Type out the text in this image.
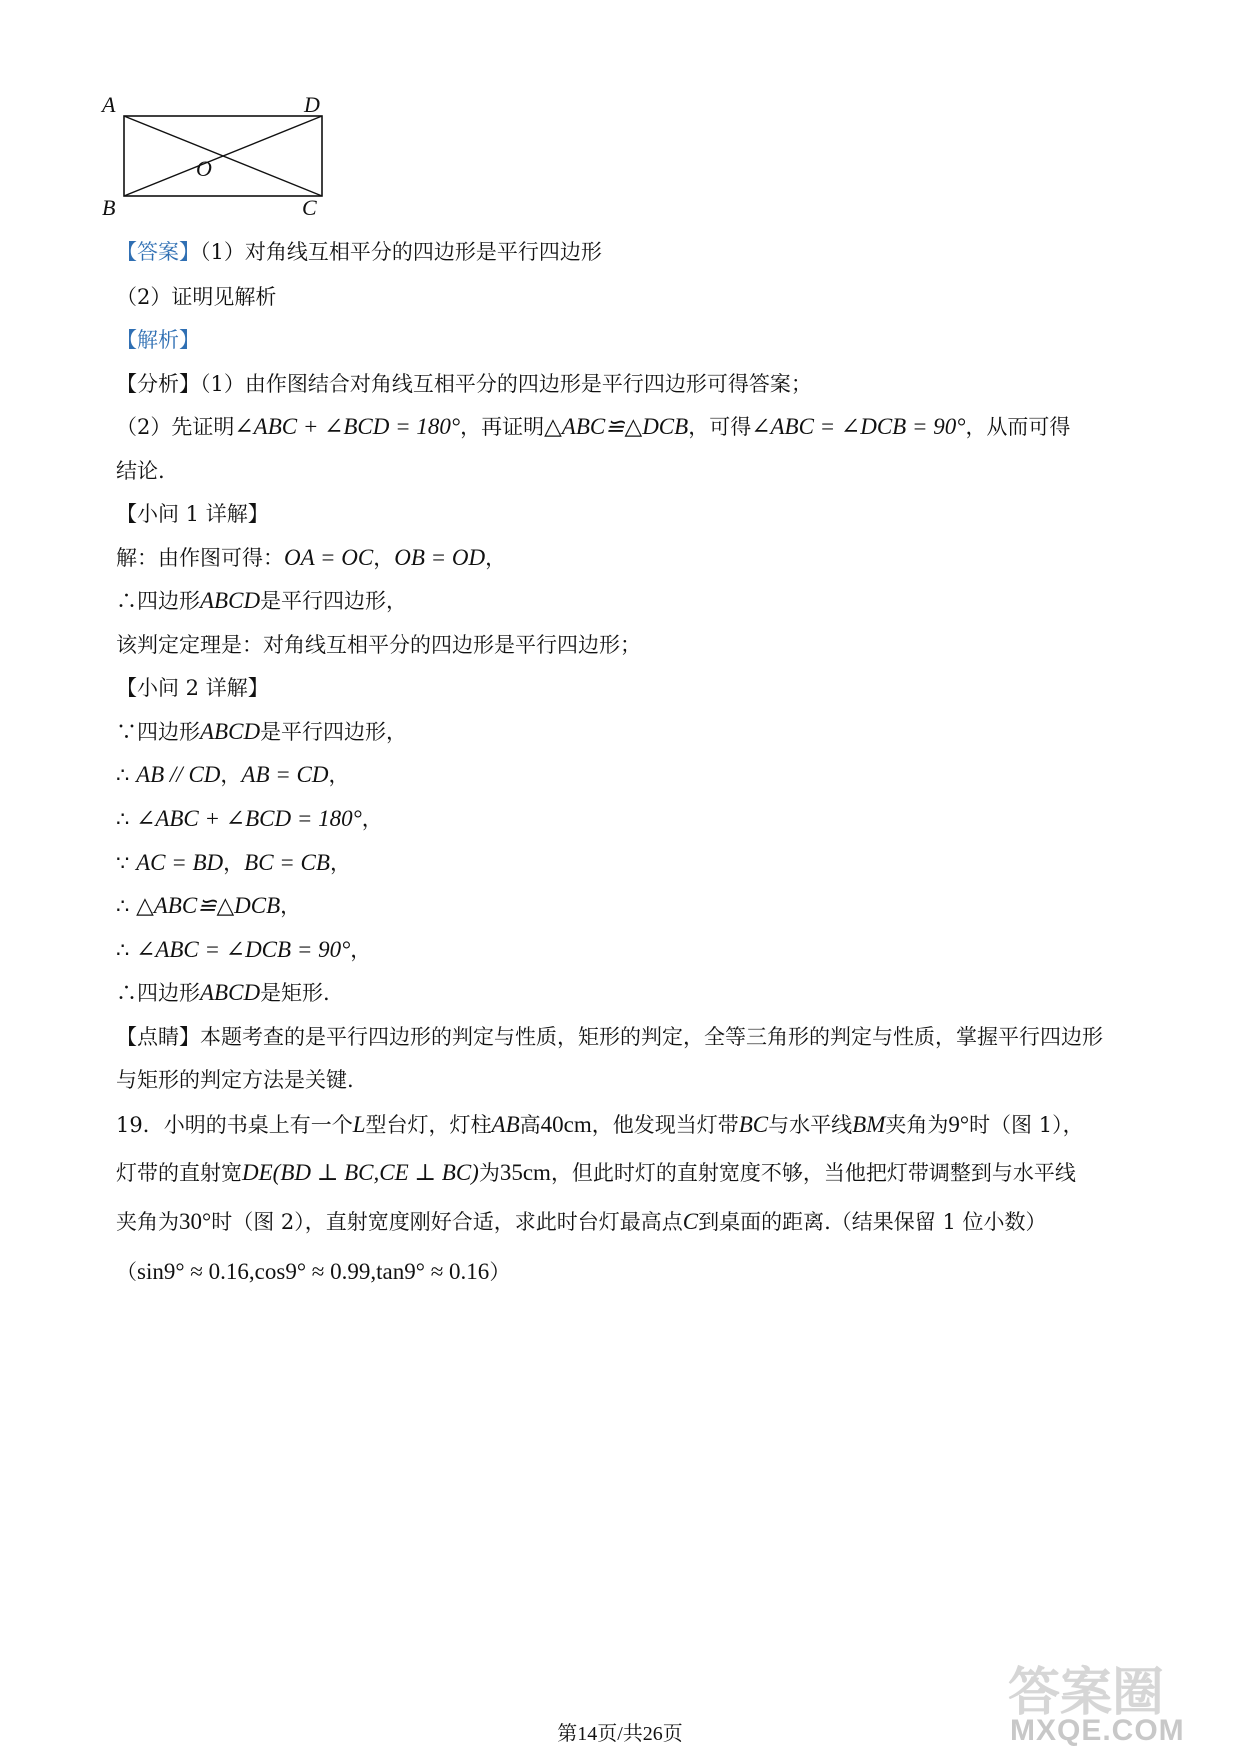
A	D
O
B	C
【答案】（1）对角线互相平分的四边形是平行四边形
（2）证明见解析
【解析】
【分析】（1）由作图结合对角线互相平分的四边形是平行四边形可得答案；
（2）先证明∠ABC + ∠BCD = 180°，再证明△ABC≌△DCB，可得∠ABC = ∠DCB = 90°，从而可得
结论.
【小问 1 详解】
解：由作图可得：OA = OC，OB = OD，
∴四边形ABCD是平行四边形，
该判定定理是：对角线互相平分的四边形是平行四边形；
【小问 2 详解】
∵四边形ABCD是平行四边形，
∴ AB // CD，AB = CD，
∴ ∠ABC + ∠BCD = 180°，
∵ AC = BD，BC = CB，
∴ △ABC≌△DCB，
∴ ∠ABC = ∠DCB = 90°，
∴四边形ABCD是矩形.
【点睛】本题考查的是平行四边形的判定与性质，矩形的判定，全等三角形的判定与性质，掌握平行四边形
与矩形的判定方法是关键.
19．小明的书桌上有一个L型台灯，灯柱AB高40cm，他发现当灯带BC与水平线BM夹角为9°时（图 1），
灯带的直射宽DE(BD ⊥ BC,CE ⊥ BC)为35cm，但此时灯的直射宽度不够，当他把灯带调整到与水平线
夹角为30°时（图 2），直射宽度刚好合适，求此时台灯最高点C到桌面的距离.（结果保留 1 位小数）
（sin9° ≈ 0.16,cos9° ≈ 0.99,tan9° ≈ 0.16）
第14页/共26页
答案圈
MXQE.COM
